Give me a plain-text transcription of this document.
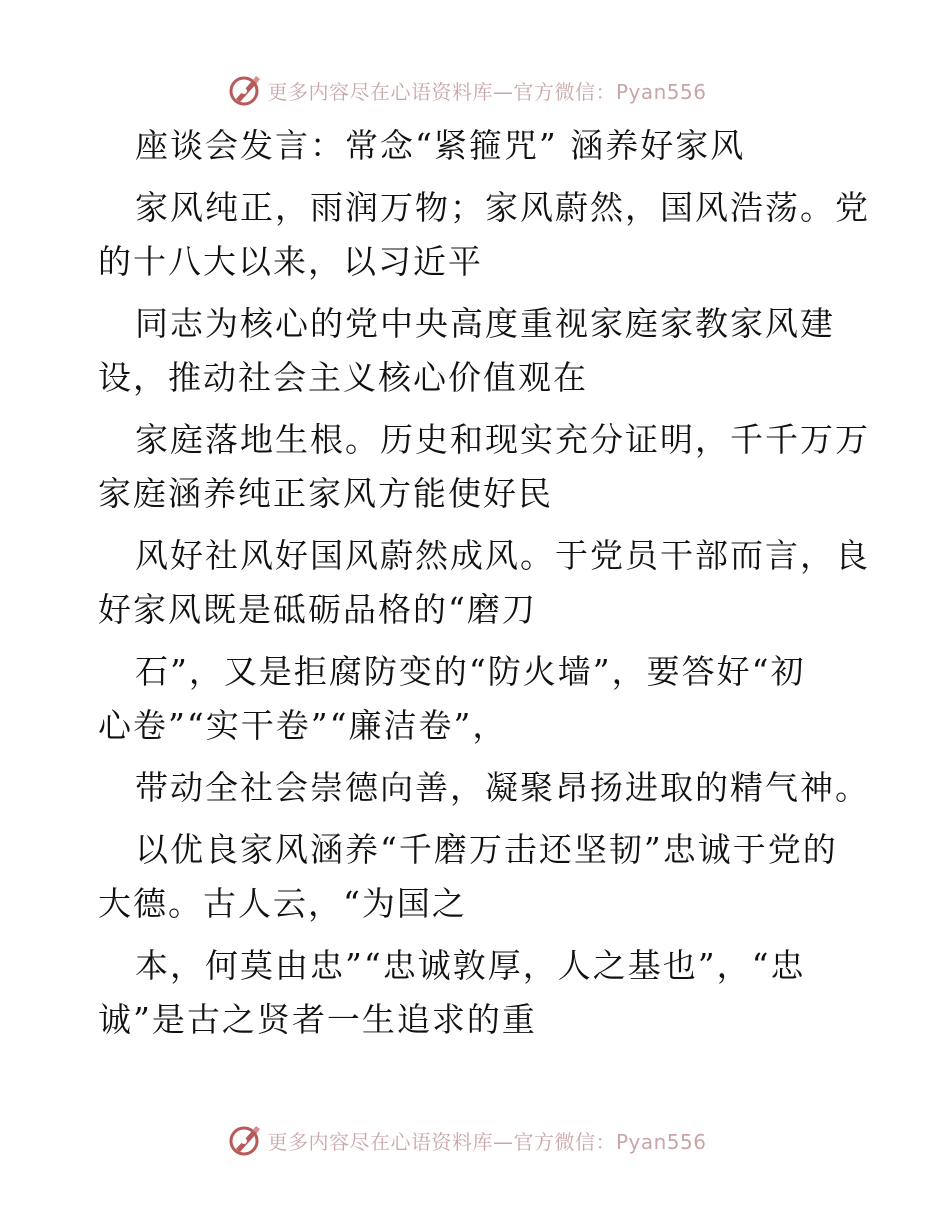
更多内容尽在心语资料库—官方微信：Pyan556
座谈会发言：常念“紧箍咒” 涵养好家风
家风纯正，雨润万物；家风蔚然，国风浩荡。党
的十八大以来，以习近平
同志为核心的党中央高度重视家庭家教家风建
设，推动社会主义核心价值观在
家庭落地生根。历史和现实充分证明，千千万万
家庭涵养纯正家风方能使好民
风好社风好国风蔚然成风。于党员干部而言，良
好家风既是砥砺品格的“磨刀
石”，又是拒腐防变的“防火墙”，要答好“初
心卷”“实干卷”“廉洁卷”，
带动全社会崇德向善，凝聚昂扬进取的精气神。
以优良家风涵养“千磨万击还坚韧”忠诚于党的
大德。古人云，“为国之
本，何莫由忠”“忠诚敦厚，人之基也”，“忠
诚”是古之贤者一生追求的重
更多内容尽在心语资料库—官方微信：Pyan556
